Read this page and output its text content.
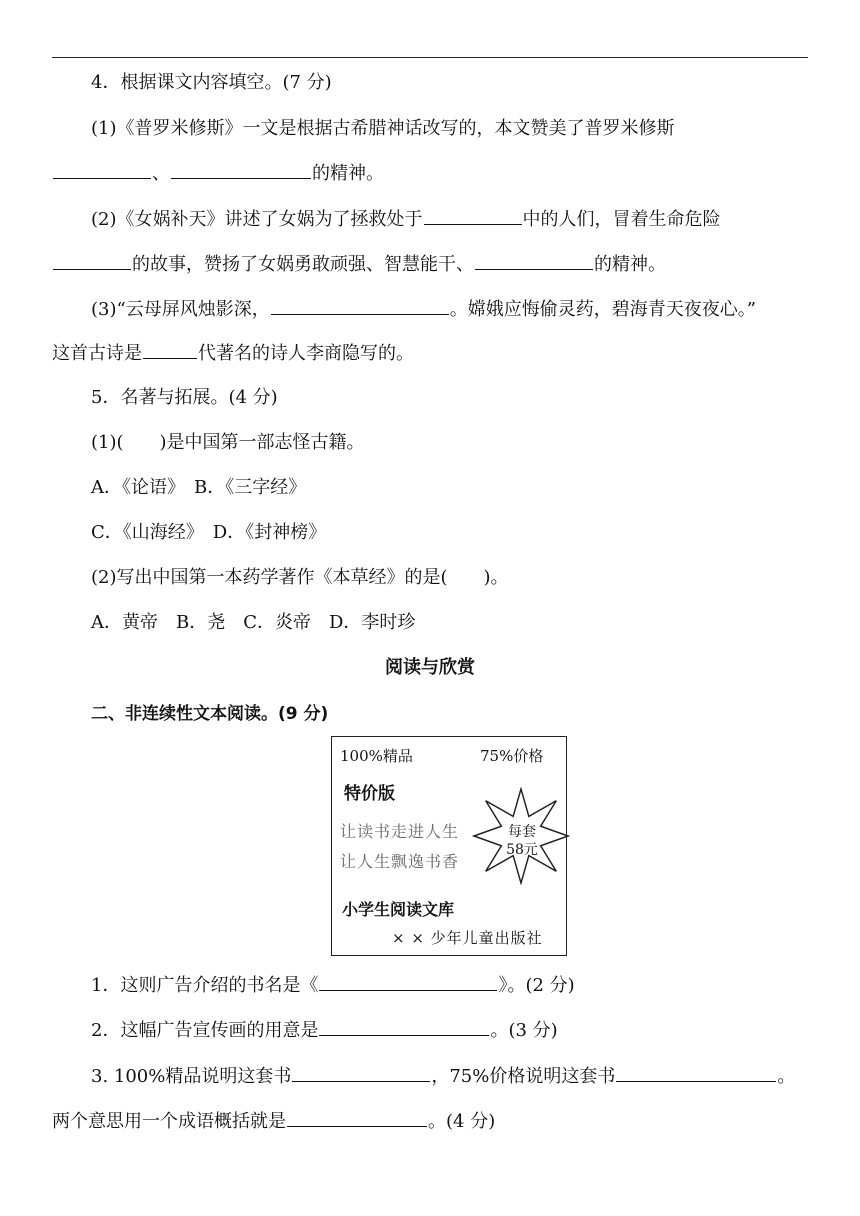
4．根据课文内容填空。(7 分)
(1)《普罗米修斯》一文是根据古希腊神话改写的，本文赞美了普罗米修斯
、	的精神。
(2)《女娲补天》讲述了女娲为了拯救处于	中的人们，冒着生命危险
的故事，赞扬了女娲勇敢顽强、智慧能干、	的精神。
(3)“云母屏风烛影深，	。嫦娥应悔偷灵药，碧海青天夜夜心。”
这首古诗是	代著名的诗人李商隐写的。
5．名著与拓展。(4 分)
(1)(　　)是中国第一部志怪古籍。
A．《论语》　B．《三字经》
C．《山海经》　D．《封神榜》
(2)写出中国第一本药学著作《本草经》的是(　　)。
A．黄帝　B．尧　C．炎帝　D．李时珍
阅读与欣赏
二、非连续性文本阅读。(9 分)
100%精品	75%价格
特价版
让读书走进人生
让人生飘逸书香
每套
58元
小学生阅读文库
× × 少年儿童出版社
1．这则广告介绍的书名是《	》。(2 分)
2．这幅广告宣传画的用意是	。(3 分)
3. 100%精品说明这套书	，75%价格说明这套书	。
两个意思用一个成语概括就是	。(4 分)
